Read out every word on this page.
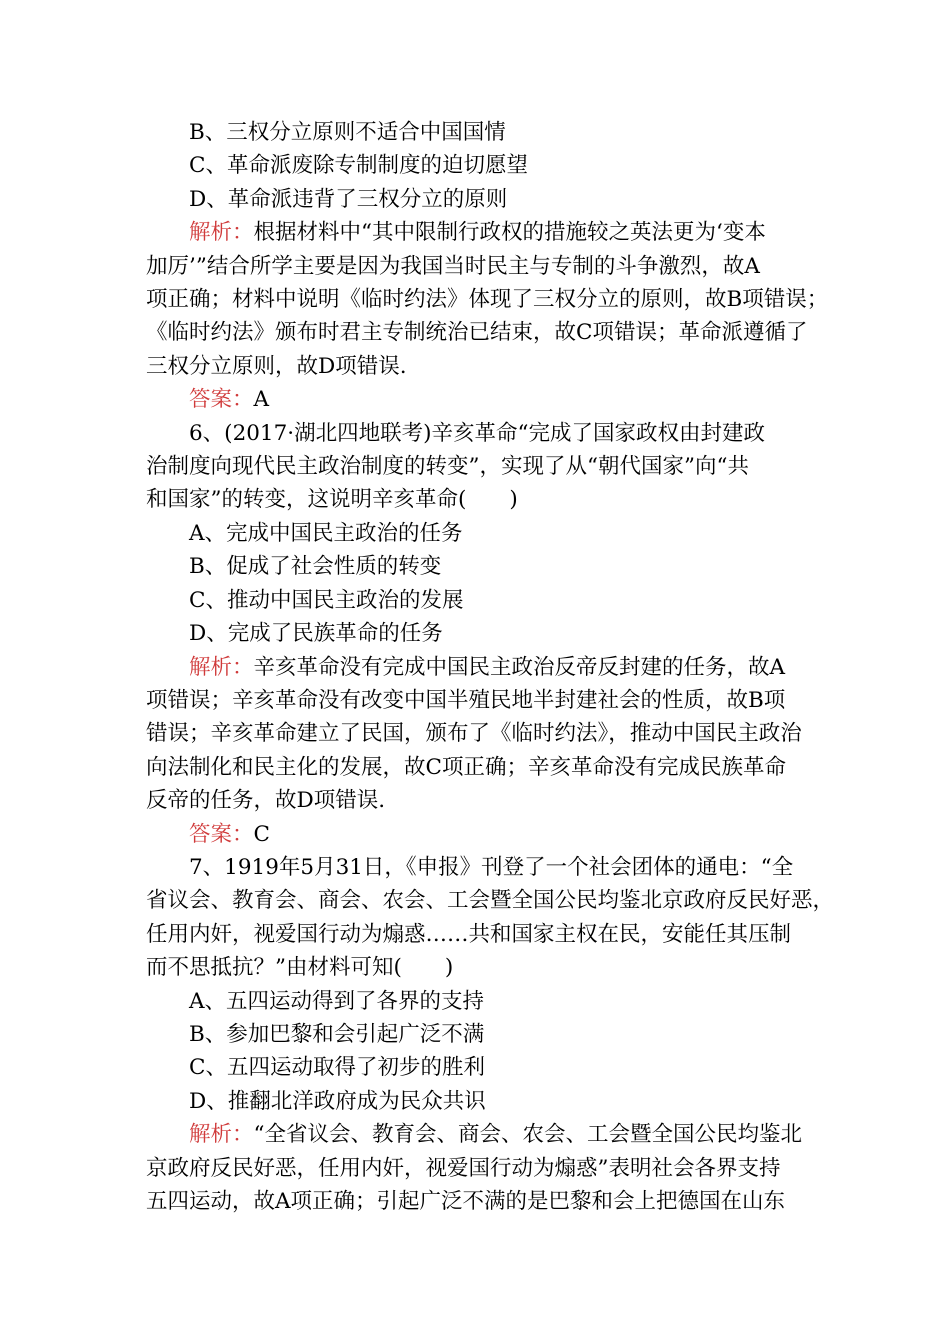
B、三权分立原则不适合中国国情
C、革命派废除专制制度的迫切愿望
D、革命派违背了三权分立的原则
解析：根据材料中“其中限制行政权的措施较之英法更为‘变本
加厉’”结合所学主要是因为我国当时民主与专制的斗争激烈，故A
项正确；材料中说明《临时约法》体现了三权分立的原则，故B项错误；
《临时约法》颁布时君主专制统治已结束，故C项错误；革命派遵循了
三权分立原则，故D项错误.
答案：A
6、(2017·湖北四地联考)辛亥革命“完成了国家政权由封建政
治制度向现代民主政治制度的转变”，实现了从“朝代国家”向“共
和国家”的转变，这说明辛亥革命(　　)
A、完成中国民主政治的任务
B、促成了社会性质的转变
C、推动中国民主政治的发展
D、完成了民族革命的任务
解析：辛亥革命没有完成中国民主政治反帝反封建的任务，故A
项错误；辛亥革命没有改变中国半殖民地半封建社会的性质，故B项
错误；辛亥革命建立了民国，颁布了《临时约法》，推动中国民主政治
向法制化和民主化的发展，故C项正确；辛亥革命没有完成民族革命
反帝的任务，故D项错误.
答案：C
7、1919年5月31日，《申报》刊登了一个社会团体的通电：“全
省议会、教育会、商会、农会、工会暨全国公民均鉴北京政府反民好恶，
任用内奸，视爱国行动为煽惑……共和国家主权在民，安能任其压制
而不思抵抗？”由材料可知(　　)
A、五四运动得到了各界的支持
B、参加巴黎和会引起广泛不满
C、五四运动取得了初步的胜利
D、推翻北洋政府成为民众共识
解析：“全省议会、教育会、商会、农会、工会暨全国公民均鉴北
京政府反民好恶，任用内奸，视爱国行动为煽惑”表明社会各界支持
五四运动，故A项正确；引起广泛不满的是巴黎和会上把德国在山东
